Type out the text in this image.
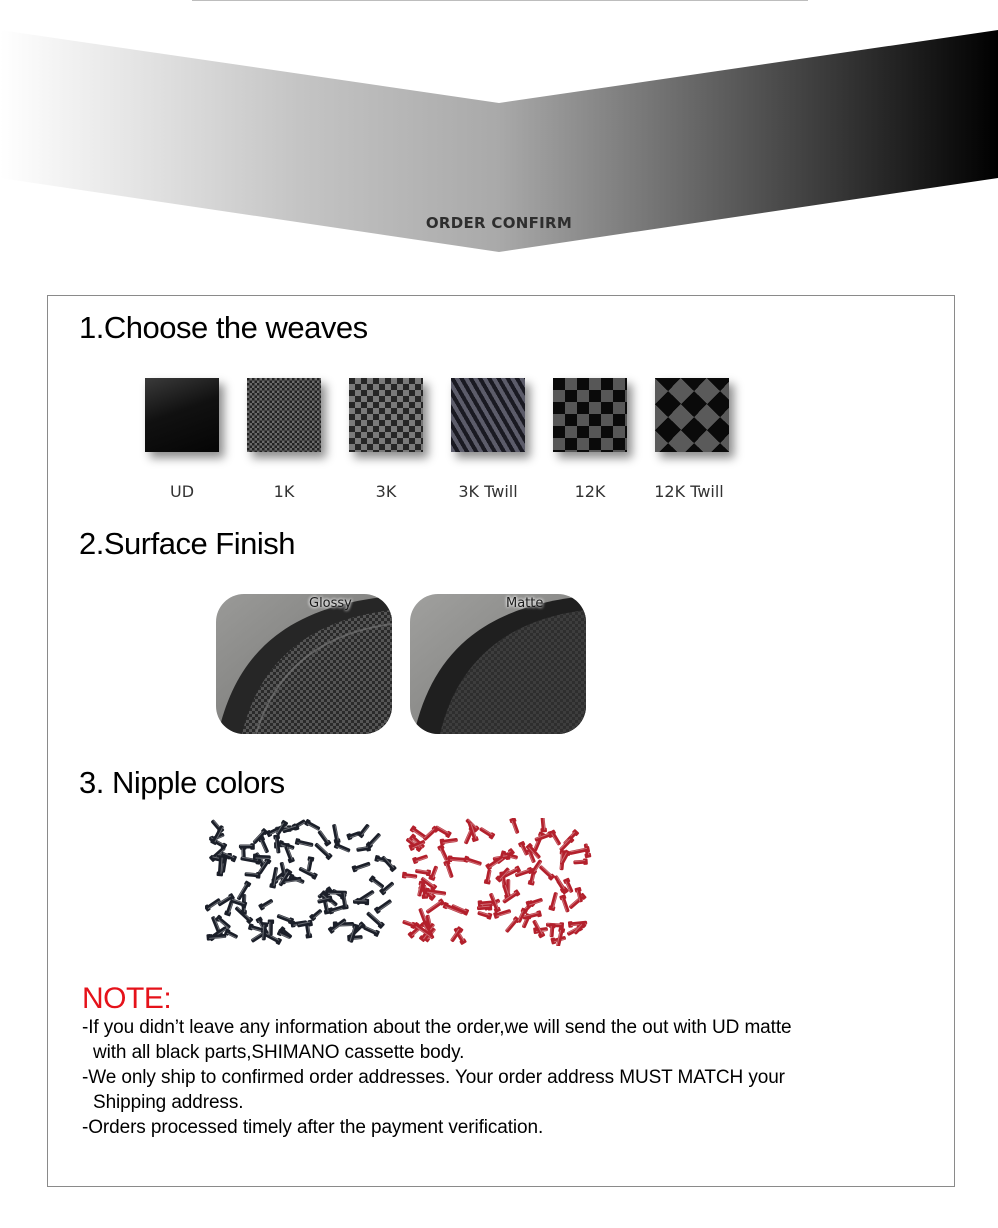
ORDER CONFIRM
1.Choose the weaves
UD	1K	3K	3K Twill	12K	12K Twill
2.Surface Finish
Glossy	Matte
3. Nipple colors
NOTE:
-If you didn’t leave any information about the order,we will send the out with UD matte
with all black parts,SHIMANO cassette body.
-We only ship to confirmed order addresses. Your order address MUST MATCH your
Shipping address.
-Orders processed timely after the payment verification.
